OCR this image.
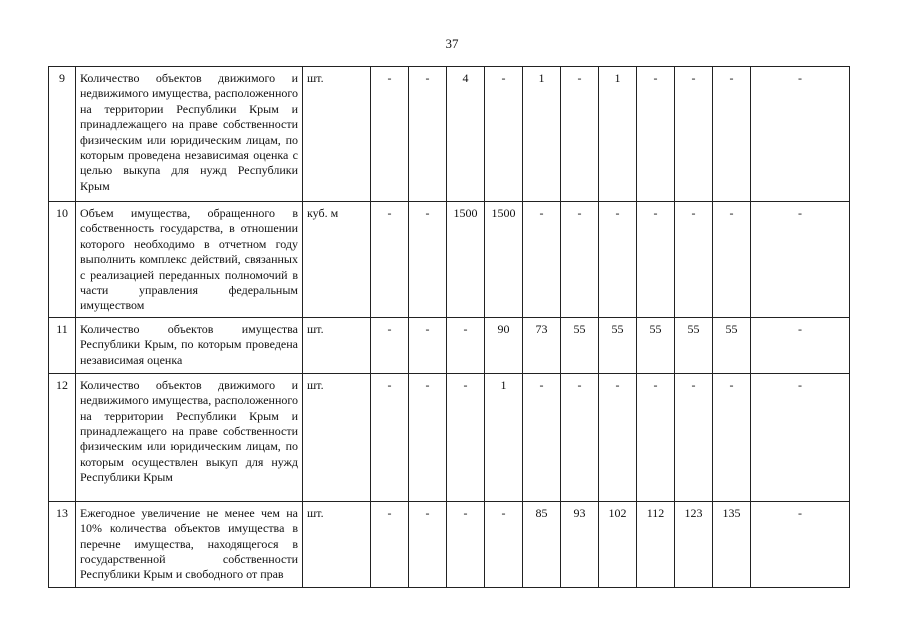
37
9	Количество объектов движимого и недвижимого имущества, расположенного на территории Республики Крым и принадлежащего на праве собственности физическим или юридическим лицам, по которым проведена независимая оценка с целью выкупа для нужд Республики Крым	шт.	-	-	4	-	1	-	1	-	-	-	-
10	Объем имущества, обращенного в собственность государства, в отношении которого необходимо в отчетном году выполнить комплекс действий, связанных с реализацией переданных полномочий в части управления федеральным имуществом	куб. м	-	-	1500	1500	-	-	-	-	-	-	-
11	Количество объектов имущества Республики Крым, по которым проведена независимая оценка	шт.	-	-	-	90	73	55	55	55	55	55	-
12	Количество объектов движимого и недвижимого имущества, расположенного на территории Республики Крым и принадлежащего на праве собственности физическим или юридическим лицам, по которым осуществлен выкуп для нужд Республики Крым	шт.	-	-	-	1	-	-	-	-	-	-	-
13	Ежегодное увеличение не менее чем на 10% количества объектов имущества в перечне имущества, находящегося в государственной собственности Республики Крым и свободного от прав	шт.	-	-	-	-	85	93	102	112	123	135	-
